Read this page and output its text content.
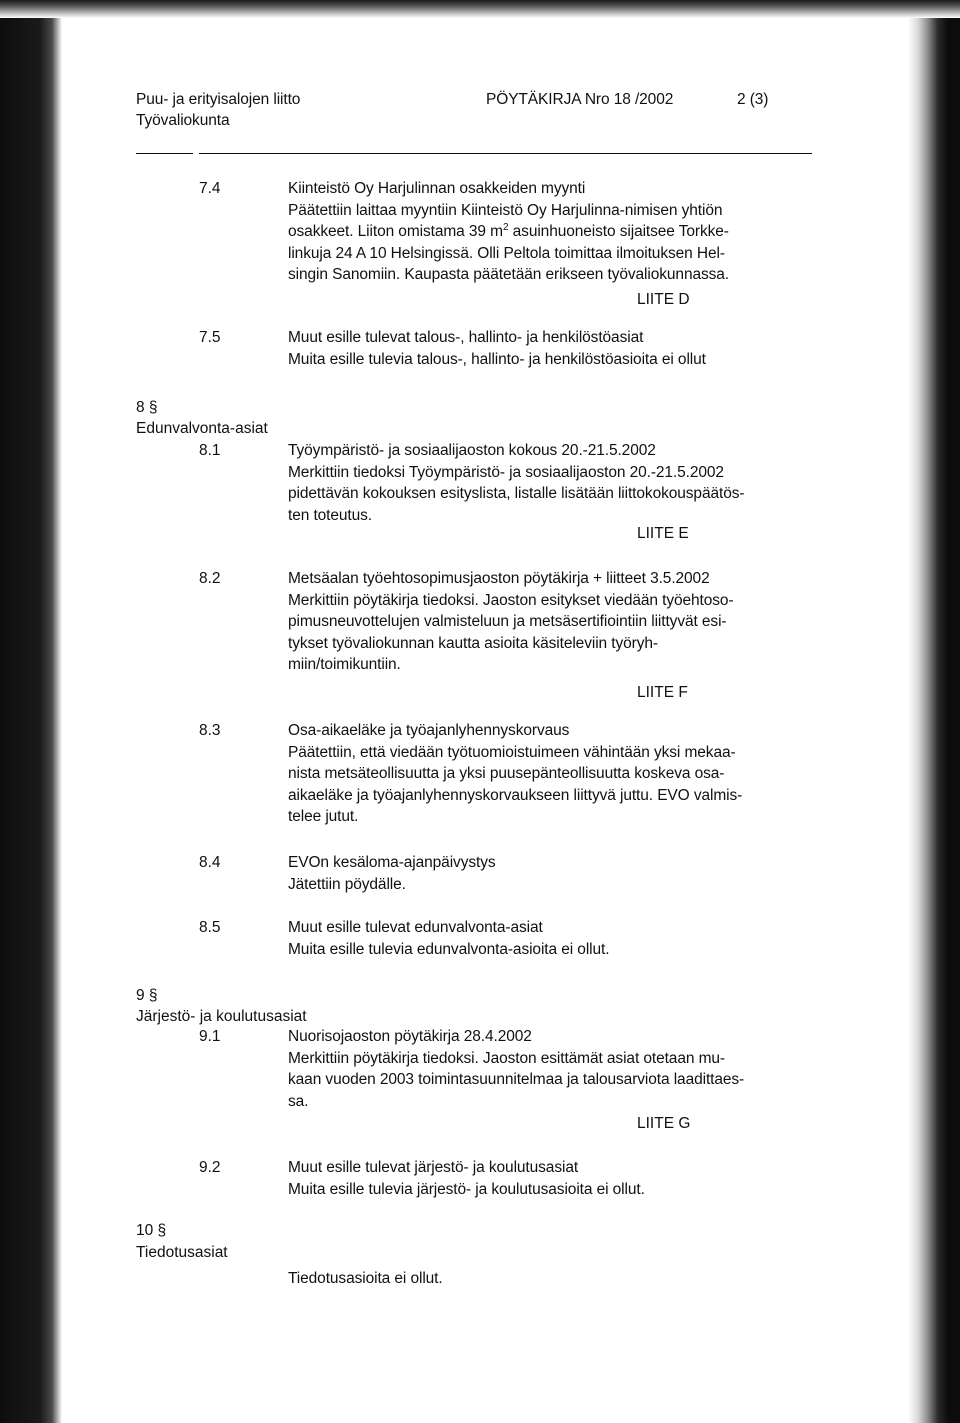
Puu- ja erityisalojen liitto
Työvaliokunta
PÖYTÄKIRJA Nro 18 /2002	2 (3)
7.4	Kiinteistö Oy Harjulinnan osakkeiden myynti
Päätettiin laittaa myyntiin Kiinteistö Oy Harjulinna-nimisen yhtiön
osakkeet. Liiton omistama 39 $m^2$ asuinhuoneisto sijaitsee Torkke-
linkuja 24 A 10 Helsingissä. Olli Peltola toimittaa ilmoituksen Hel-
singin Sanomiin. Kaupasta päätetään erikseen työvaliokunnassa.
LIITE D
7.5	Muut esille tulevat talous-, hallinto- ja henkilöstöasiat
Muita esille tulevia talous-, hallinto- ja henkilöstöasioita ei ollut
8 §
Edunvalvonta-asiat
8.1	Työympäristö- ja sosiaalijaoston kokous 20.-21.5.2002
Merkittiin tiedoksi Työympäristö- ja sosiaalijaoston 20.-21.5.2002
pidettävän kokouksen esityslista, listalle lisätään liittokokouspäätös-
ten toteutus.
LIITE E
8.2	Metsäalan työehtosopimusjaoston pöytäkirja + liitteet 3.5.2002
Merkittiin pöytäkirja tiedoksi. Jaoston esitykset viedään työehtoso-
pimusneuvottelujen valmisteluun ja metsäsertifiointiin liittyvät esi-
tykset työvaliokunnan kautta asioita käsiteleviin työryh-
miin/toimikuntiin.
LIITE F
8.3	Osa-aikaeläke ja työajanlyhennyskorvaus
Päätettiin, että viedään työtuomioistuimeen vähintään yksi mekaa-
nista metsäteollisuutta ja yksi puusepänteollisuutta koskeva osa-
aikaeläke ja työajanlyhennyskorvaukseen liittyvä juttu. EVO valmis-
telee jutut.
8.4	EVOn kesäloma-ajanpäivystys
Jätettiin pöydälle.
8.5	Muut esille tulevat edunvalvonta-asiat
Muita esille tulevia edunvalvonta-asioita ei ollut.
9 §
Järjestö- ja koulutusasiat
9.1	Nuorisojaoston pöytäkirja 28.4.2002
Merkittiin pöytäkirja tiedoksi. Jaoston esittämät asiat otetaan mu-
kaan vuoden 2003 toimintasuunnitelmaa ja talousarviota laadittaes-
sa.
LIITE G
9.2	Muut esille tulevat järjestö- ja koulutusasiat
Muita esille tulevia järjestö- ja koulutusasioita ei ollut.
10 §
Tiedotusasiat
Tiedotusasioita ei ollut.
